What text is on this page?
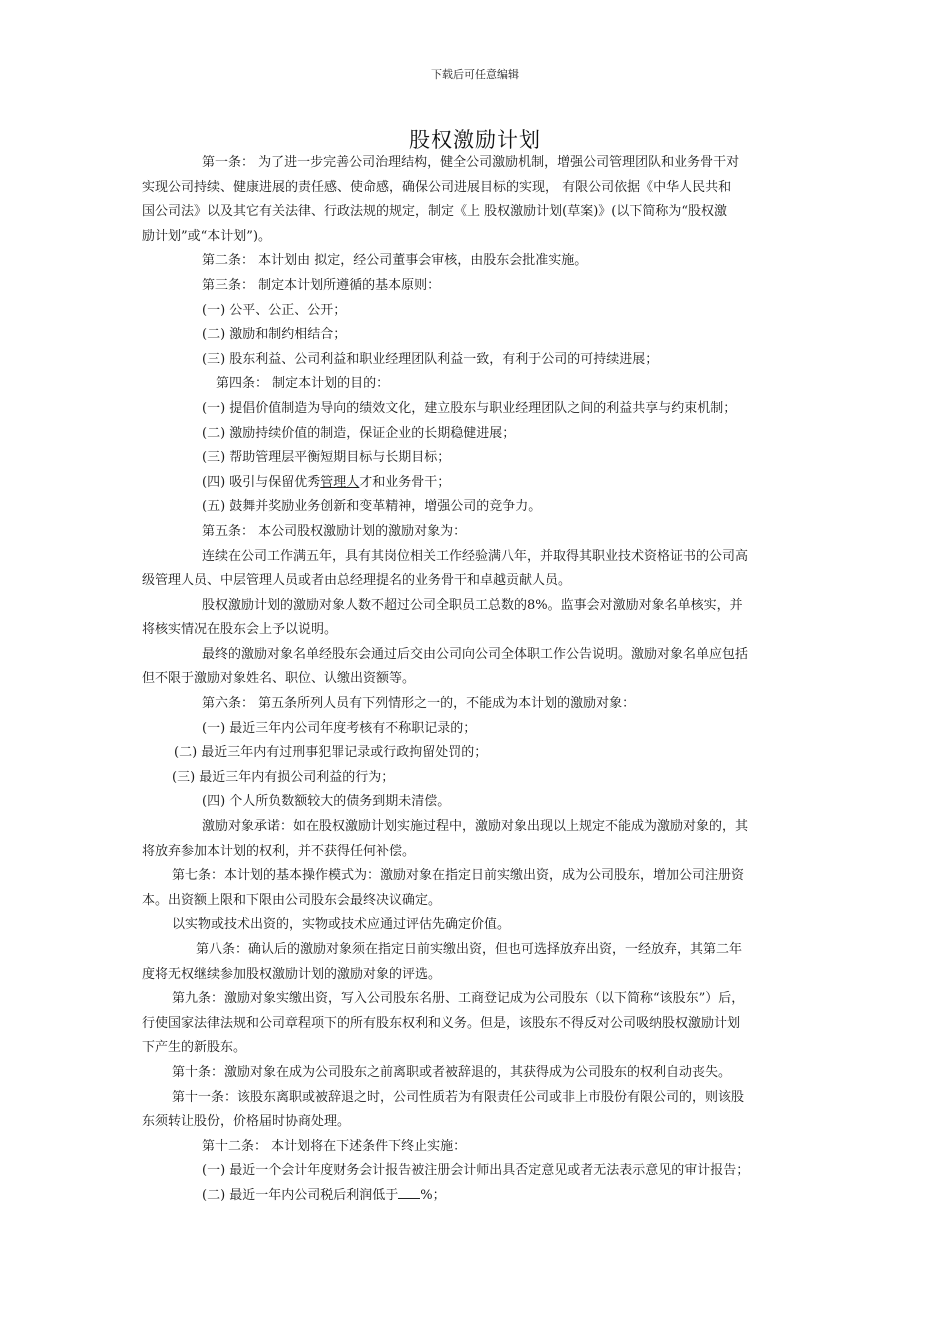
下载后可任意编辑
股权激励计划
第一条： 为了进一步完善公司治理结构，健全公司激励机制，增强公司管理团队和业务骨干对
实现公司持续、健康进展的责任感、使命感，确保公司进展目标的实现， 有限公司依据《中华人民共和
国公司法》以及其它有关法律、行政法规的规定，制定《上 股权激励计划(草案)》(以下简称为“股权激
励计划”或“本计划”)。
第二条： 本计划由 拟定，经公司董事会审核，由股东会批准实施。
第三条： 制定本计划所遵循的基本原则：
(一) 公平、公正、公开；
(二) 激励和制约相结合；
(三) 股东利益、公司利益和职业经理团队利益一致，有利于公司的可持续进展；
第四条： 制定本计划的目的：
(一) 提倡价值制造为导向的绩效文化，建立股东与职业经理团队之间的利益共享与约束机制；
(二) 激励持续价值的制造，保证企业的长期稳健进展；
(三) 帮助管理层平衡短期目标与长期目标；
(四) 吸引与保留优秀管理人才和业务骨干；
(五) 鼓舞并奖励业务创新和变革精神，增强公司的竞争力。
第五条： 本公司股权激励计划的激励对象为：
连续在公司工作满五年，具有其岗位相关工作经验满八年，并取得其职业技术资格证书的公司高
级管理人员、中层管理人员或者由总经理提名的业务骨干和卓越贡献人员。
股权激励计划的激励对象人数不超过公司全职员工总数的8%。监事会对激励对象名单核实，并
将核实情况在股东会上予以说明。
最终的激励对象名单经股东会通过后交由公司向公司全体职工作公告说明。激励对象名单应包括
但不限于激励对象姓名、职位、认缴出资额等。
第六条： 第五条所列人员有下列情形之一的，不能成为本计划的激励对象：
(一) 最近三年内公司年度考核有不称职记录的；
(二) 最近三年内有过刑事犯罪记录或行政拘留处罚的；
(三) 最近三年内有损公司利益的行为；
(四) 个人所负数额较大的债务到期未清偿。
激励对象承诺：如在股权激励计划实施过程中，激励对象出现以上规定不能成为激励对象的，其
将放弃参加本计划的权利，并不获得任何补偿。
第七条：本计划的基本操作模式为：激励对象在指定日前实缴出资，成为公司股东，增加公司注册资
本。出资额上限和下限由公司股东会最终决议确定。
以实物或技术出资的，实物或技术应通过评估先确定价值。
第八条：确认后的激励对象须在指定日前实缴出资，但也可选择放弃出资，一经放弃，其第二年
度将无权继续参加股权激励计划的激励对象的评选。
第九条：激励对象实缴出资，写入公司股东名册、工商登记成为公司股东（以下简称“该股东”）后，
行使国家法律法规和公司章程项下的所有股东权利和义务。但是，该股东不得反对公司吸纳股权激励计划
下产生的新股东。
第十条：激励对象在成为公司股东之前离职或者被辞退的，其获得成为公司股东的权利自动丧失。
第十一条：该股东离职或被辞退之时，公司性质若为有限责任公司或非上市股份有限公司的，则该股
东须转让股份，价格届时协商处理。
第十二条： 本计划将在下述条件下终止实施：
(一) 最近一个会计年度财务会计报告被注册会计师出具否定意见或者无法表示意见的审计报告；
(二) 最近一年内公司税后利润低于 %；
